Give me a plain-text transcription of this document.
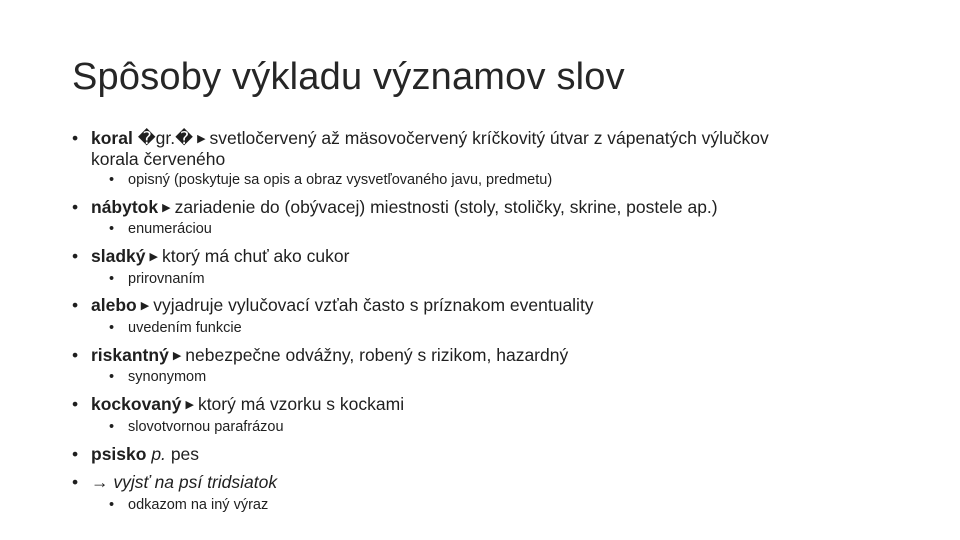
Spôsoby výkladu významov slov
• koral �gr.� ▶ svetločervený až mäsovočervený kríčkovitý útvar z vápenatých výlučkov
korala červeného
• opisný (poskytuje sa opis a obraz vysvetľovaného javu, predmetu)
• nábytok ▶ zariadenie do (obývacej) miestnosti (stoly, stoličky, skrine, postele ap.)
• enumeráciou
• sladký ▶ ktorý má chuť ako cukor
• prirovnaním
• alebo ▶ vyjadruje vylučovací vzťah často s príznakom eventuality
• uvedením funkcie
• riskantný ▶ nebezpečne odvážny, robený s rizikom, hazardný
• synonymom
• kockovaný ▶ ktorý má vzorku s kockami
• slovotvornou parafrázou
• psisko p. pes
• → vyjsť na psí tridsiatok
• odkazom na iný výraz
